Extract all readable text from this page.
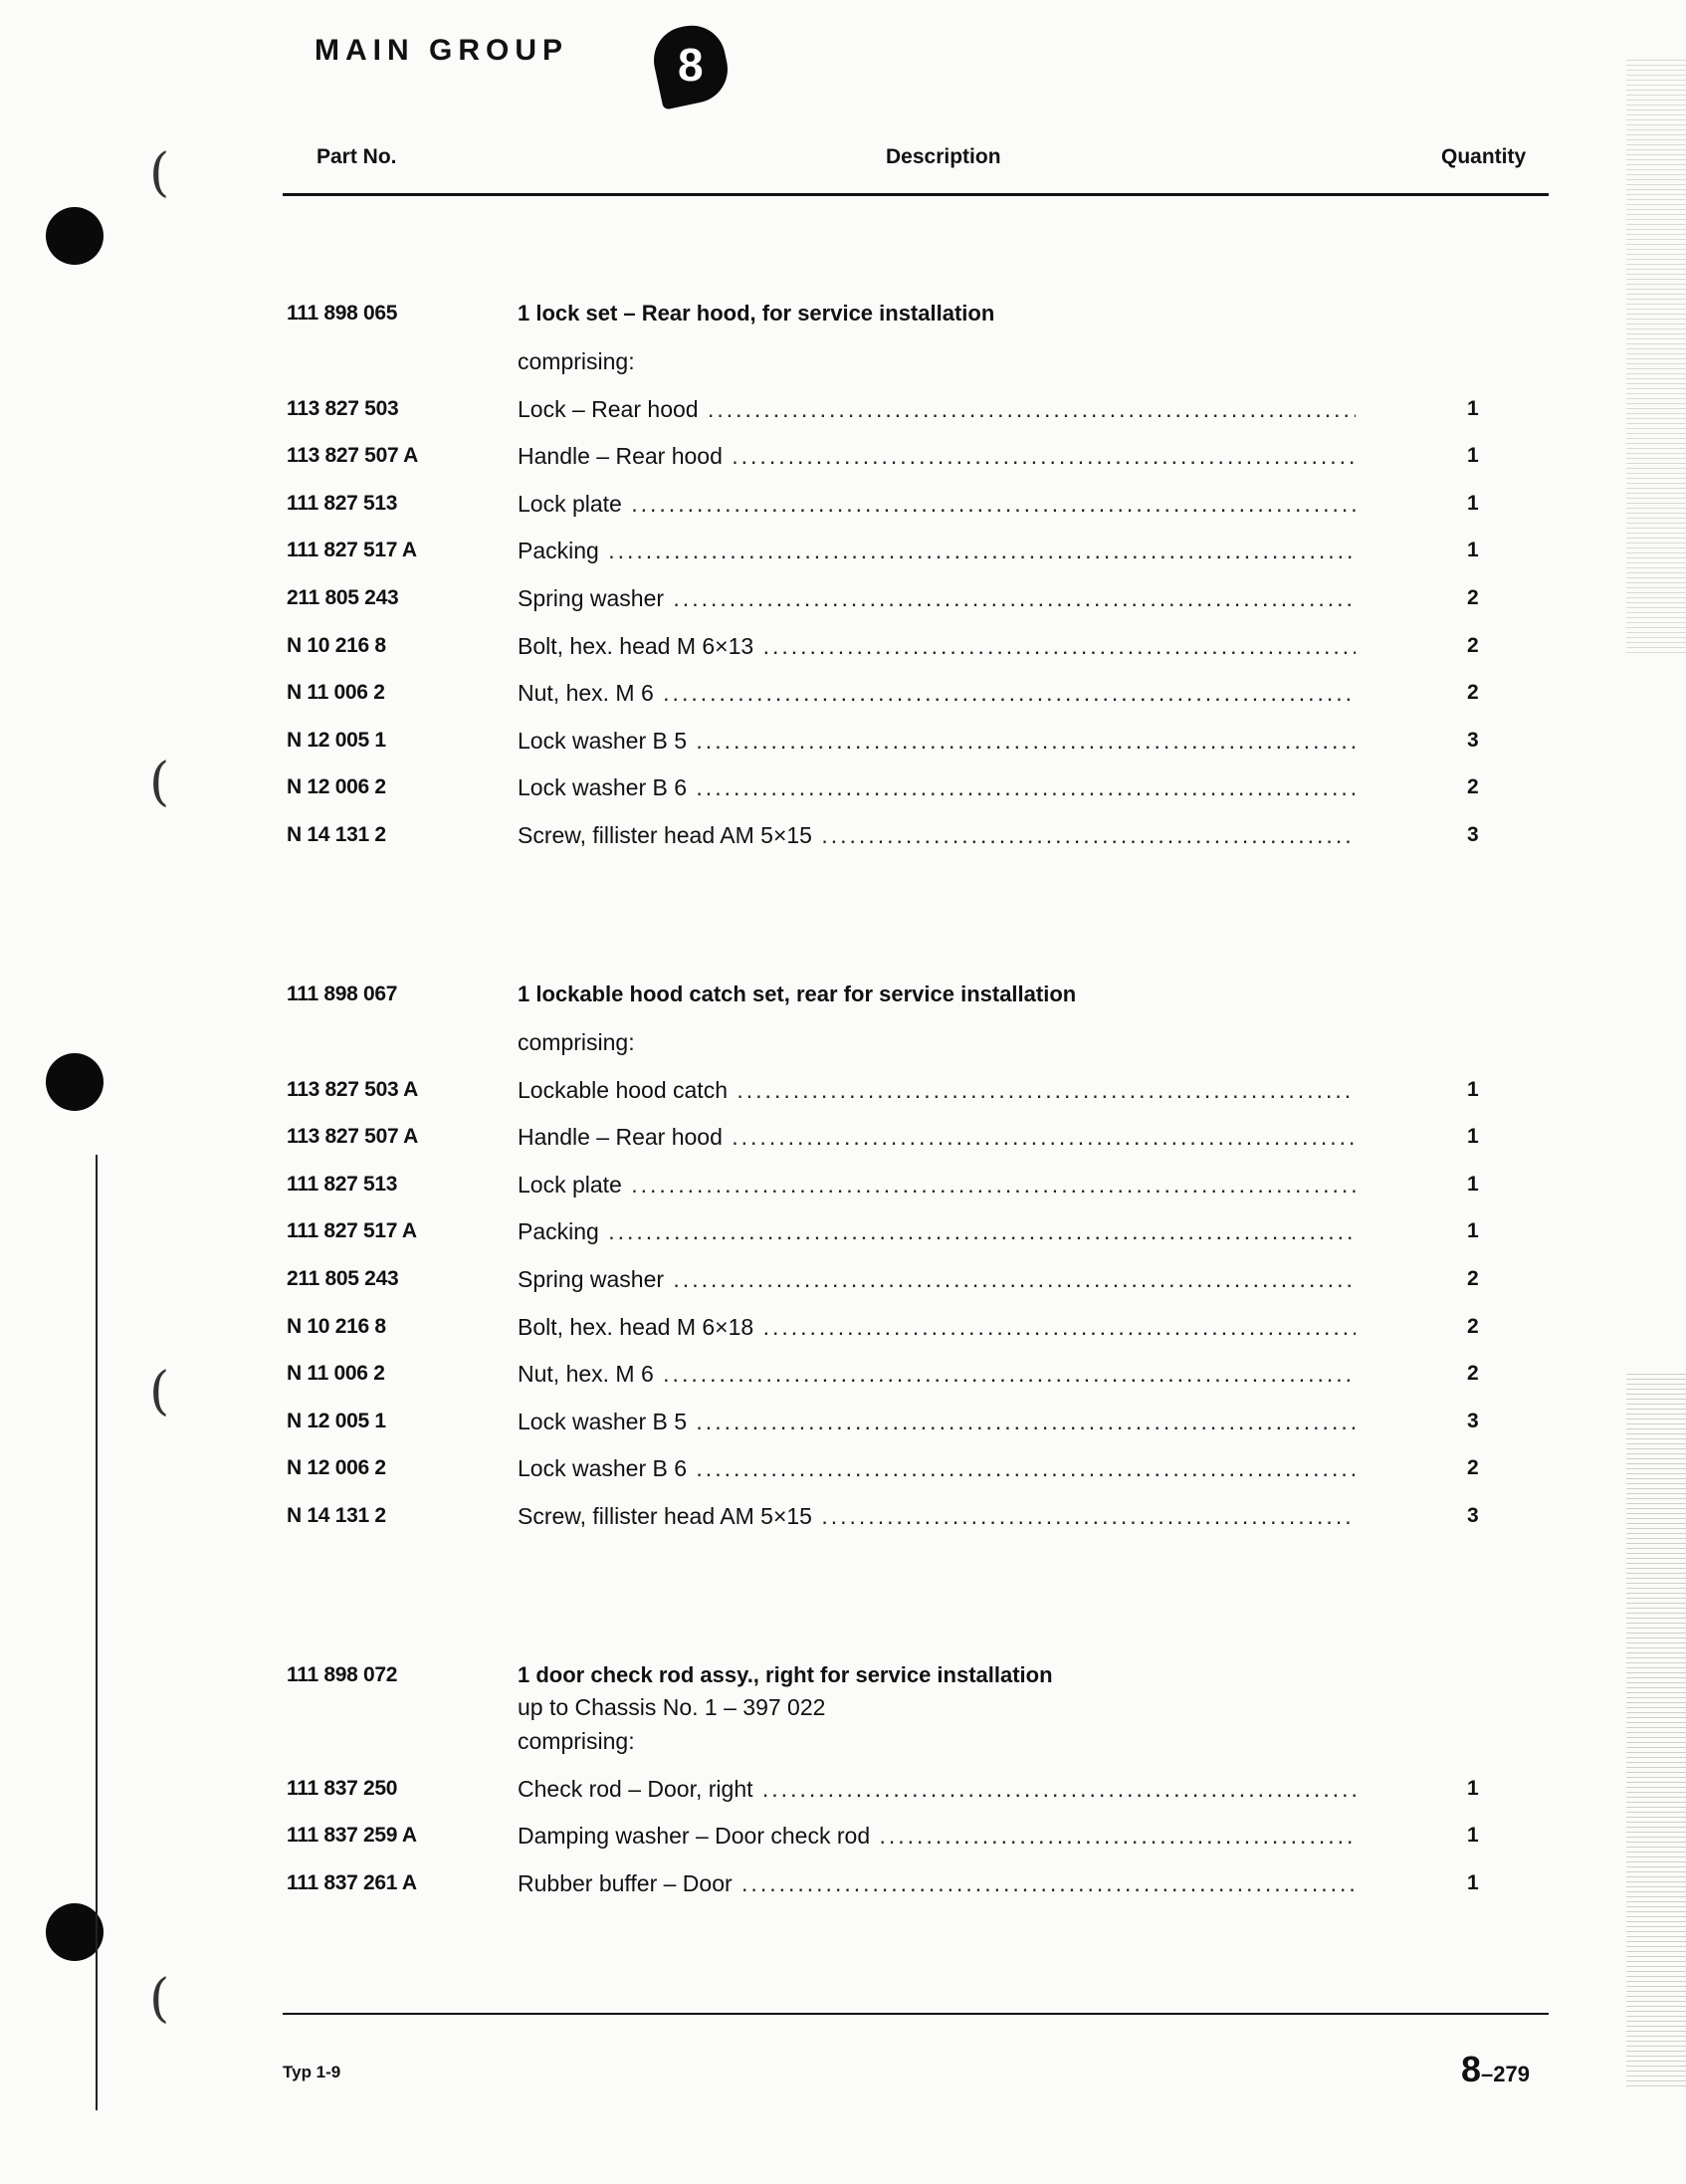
(
(
(
(
MAIN GROUP 8
Part No.	Description	Quantity
111 898 065	1 lock set – Rear hood, for service installation
comprising:
113 827 503	Lock – Rear hood .....	1
113 827 507 A	Handle – Rear hood .....	1
111 827 513	Lock plate .....	1
111 827 517 A	Packing .....	1
211 805 243	Spring washer .....	2
N 10 216 8	Bolt, hex. head M 6×13 .....	2
N 11 006 2	Nut, hex. M 6 .....	2
N 12 005 1	Lock washer B 5 .....	3
N 12 006 2	Lock washer B 6 .....	2
N 14 131 2	Screw, fillister head AM 5×15 .....	3
111 898 067	1 lockable hood catch set, rear for service installation
comprising:
113 827 503 A	Lockable hood catch .....	1
113 827 507 A	Handle – Rear hood .....	1
111 827 513	Lock plate .....	1
111 827 517 A	Packing .....	1
211 805 243	Spring washer .....	2
N 10 216 8	Bolt, hex. head M 6×18 .....	2
N 11 006 2	Nut, hex. M 6 .....	2
N 12 005 1	Lock washer B 5 .....	3
N 12 006 2	Lock washer B 6 .....	2
N 14 131 2	Screw, fillister head AM 5×15 .....	3
111 898 072	1 door check rod assy., right for service installation
up to Chassis No. 1 – 397 022
comprising:
111 837 250	Check rod – Door, right .....	1
111 837 259 A	Damping washer – Door check rod .....	1
111 837 261 A	Rubber buffer – Door .....	1
Typ 1-9	8–279
